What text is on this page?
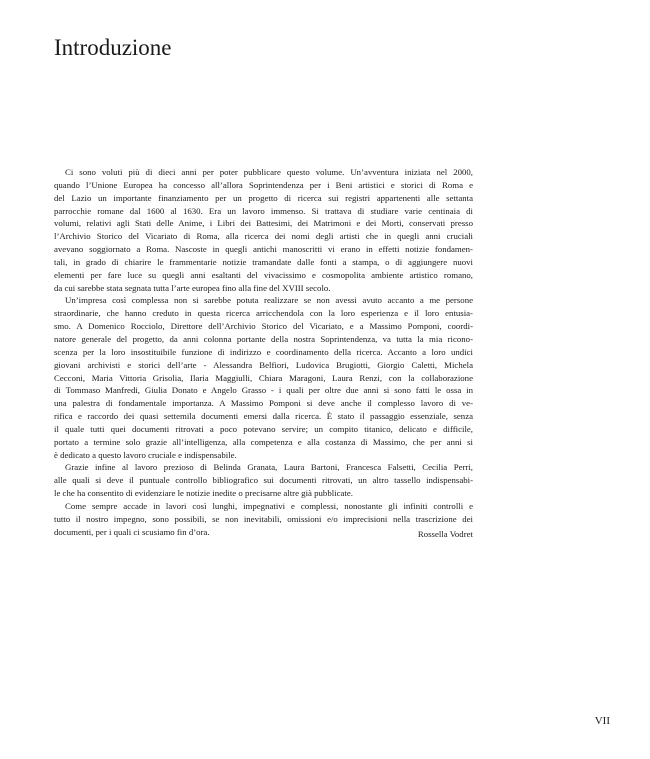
Introduzione
Ci sono voluti più di dieci anni per poter pubblicare questo volume. Un’avventura iniziata nel 2000,
quando l’Unione Europea ha concesso all’allora Soprintendenza per i Beni artistici e storici di Roma e
del Lazio un importante finanziamento per un progetto di ricerca sui registri appartenenti alle settanta
parrocchie romane dal 1600 al 1630. Era un lavoro immenso. Si trattava di studiare varie centinaia di
volumi, relativi agli Stati delle Anime, i Libri dei Battesimi, dei Matrimoni e dei Morti, conservati presso
l’Archivio Storico del Vicariato di Roma, alla ricerca dei nomi degli artisti che in quegli anni cruciali
avevano soggiornato a Roma. Nascoste in quegli antichi manoscritti vi erano in effetti notizie fondamen-
tali, in grado di chiarire le frammentarie notizie tramandate dalle fonti a stampa, o di aggiungere nuovi
elementi per fare luce su quegli anni esaltanti del vivacissimo e cosmopolita ambiente artistico romano,
da cui sarebbe stata segnata tutta l’arte europea fino alla fine del XVIII secolo.
Un’impresa così complessa non si sarebbe potuta realizzare se non avessi avuto accanto a me persone
straordinarie, che hanno creduto in questa ricerca arricchendola con la loro esperienza e il loro entusia-
smo. A Domenico Rocciolo, Direttore dell’Archivio Storico del Vicariato, e a Massimo Pomponi, coordi-
natore generale del progetto, da anni colonna portante della nostra Soprintendenza, va tutta la mia ricono-
scenza per la loro insostituibile funzione di indirizzo e coordinamento della ricerca. Accanto a loro undici
giovani archivisti e storici dell’arte - Alessandra Belfiori, Ludovica Brugiotti, Giorgio Caletti, Michela
Cecconi, Maria Vittoria Grisolia, Ilaria Maggiulli, Chiara Maragoni, Laura Renzi, con la collaborazione
di Tommaso Manfredi, Giulia Donato e Angelo Grasso - i quali per oltre due anni si sono fatti le ossa in
una palestra di fondamentale importanza. A Massimo Pomponi si deve anche il complesso lavoro di ve-
rifica e raccordo dei quasi settemila documenti emersi dalla ricerca. È stato il passaggio essenziale, senza
il quale tutti quei documenti ritrovati a poco potevano servire; un compito titanico, delicato e difficile,
portato a termine solo grazie all’intelligenza, alla competenza e alla costanza di Massimo, che per anni si
è dedicato a questo lavoro cruciale e indispensabile.
Grazie infine al lavoro prezioso di Belinda Granata, Laura Bartoni, Francesca Falsetti, Cecilia Perri,
alle quali si deve il puntuale controllo bibliografico sui documenti ritrovati, un altro tassello indispensabi-
le che ha consentito di evidenziare le notizie inedite o precisarne altre già pubblicate.
Come sempre accade in lavori così lunghi, impegnativi e complessi, nonostante gli infiniti controlli e
tutto il nostro impegno, sono possibili, se non inevitabili, omissioni e/o imprecisioni nella trascrizione dei
documenti, per i quali ci scusiamo fin d’ora.	Rossella Vodret
VII
